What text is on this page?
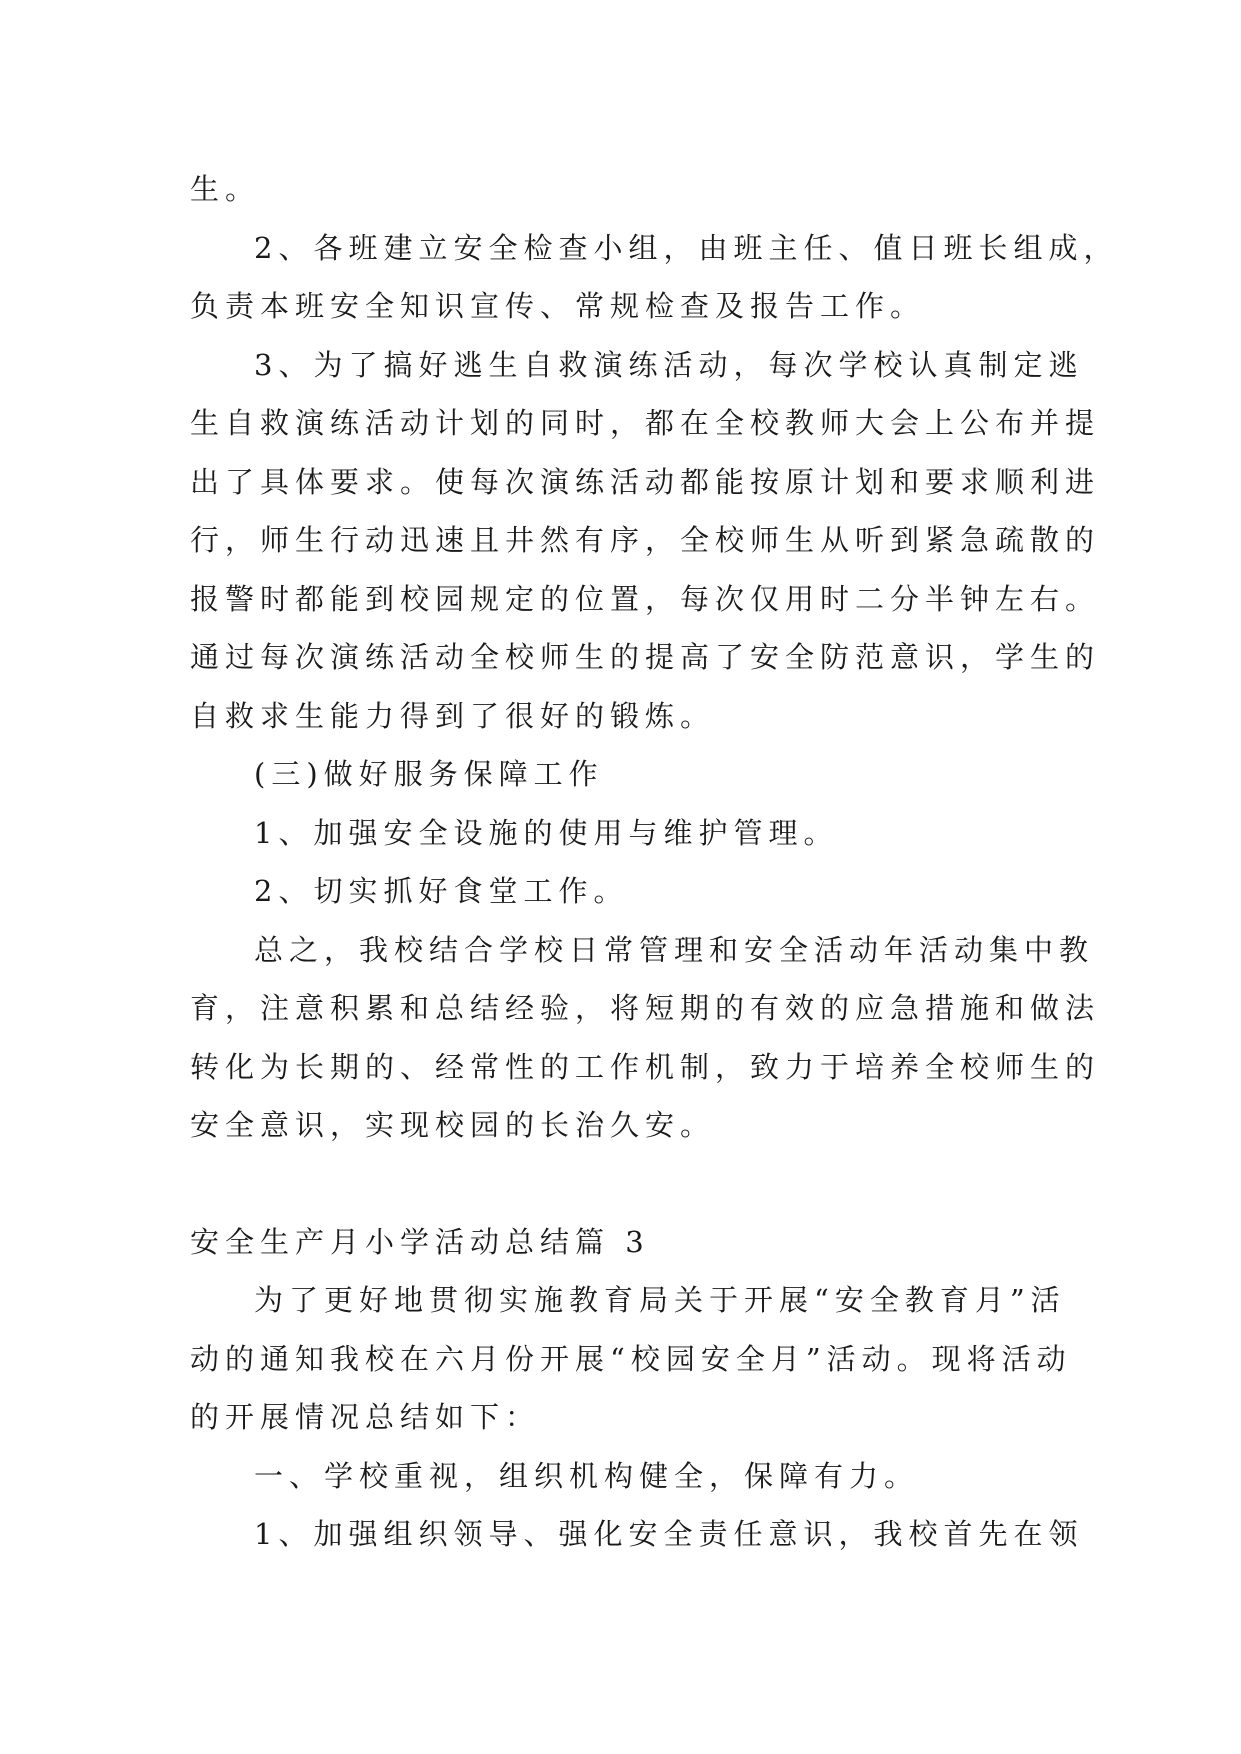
生。
2、各班建立安全检查小组，由班主任、值日班长组成，
负责本班安全知识宣传、常规检查及报告工作。
3、为了搞好逃生自救演练活动，每次学校认真制定逃
生自救演练活动计划的同时，都在全校教师大会上公布并提
出了具体要求。使每次演练活动都能按原计划和要求顺利进
行，师生行动迅速且井然有序，全校师生从听到紧急疏散的
报警时都能到校园规定的位置，每次仅用时二分半钟左右。
通过每次演练活动全校师生的提高了安全防范意识，学生的
自救求生能力得到了很好的锻炼。
(三)做好服务保障工作
1、加强安全设施的使用与维护管理。
2、切实抓好食堂工作。
总之，我校结合学校日常管理和安全活动年活动集中教
育，注意积累和总结经验，将短期的有效的应急措施和做法
转化为长期的、经常性的工作机制，致力于培养全校师生的
安全意识，实现校园的长治久安。
安全生产月小学活动总结篇 3
为了更好地贯彻实施教育局关于开展“安全教育月”活
动的通知我校在六月份开展“校园安全月”活动。现将活动
的开展情况总结如下：
一、学校重视，组织机构健全，保障有力。
1、加强组织领导、强化安全责任意识，我校首先在领
